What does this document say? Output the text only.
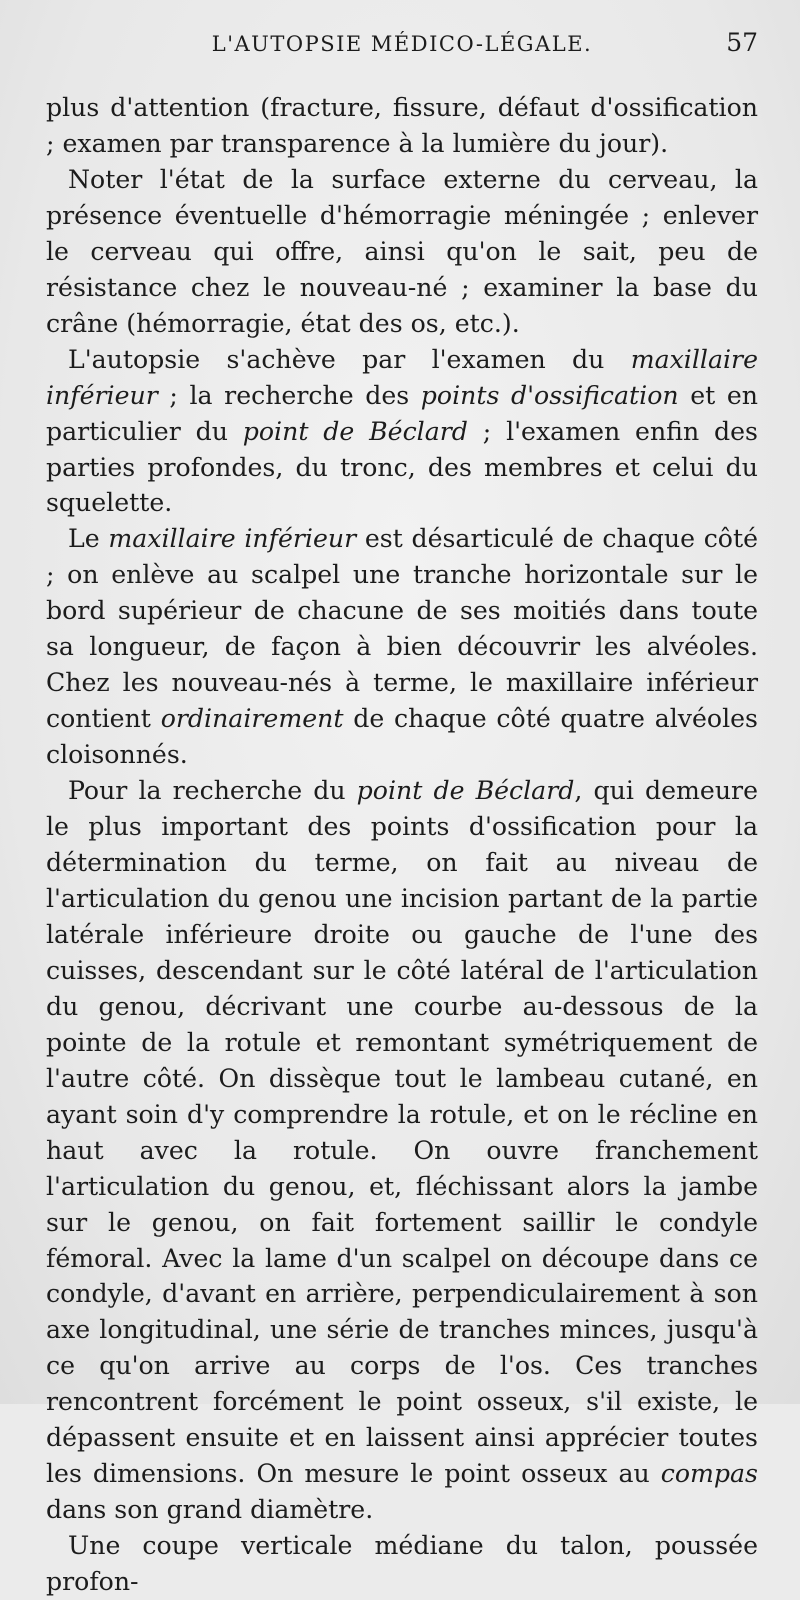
L'AUTOPSIE MÉDICO-LÉGALE.	57

plus d'attention (fracture, fissure, défaut d'ossification ; examen par transparence à la lumière du jour).

Noter l'état de la surface externe du cerveau, la présence éventuelle d'hémorragie méningée ; enlever le cerveau qui offre, ainsi qu'on le sait, peu de résistance chez le nouveau-né ; examiner la base du crâne (hémorragie, état des os, etc.).

L'autopsie s'achève par l'examen du maxillaire inférieur ; la recherche des points d'ossification et en particulier du point de Béclard ; l'examen enfin des parties profondes, du tronc, des membres et celui du squelette.

Le maxillaire inférieur est désarticulé de chaque côté ; on enlève au scalpel une tranche horizontale sur le bord supérieur de chacune de ses moitiés dans toute sa longueur, de façon à bien découvrir les alvéoles. Chez les nouveau-nés à terme, le maxillaire inférieur contient ordinairement de chaque côté quatre alvéoles cloisonnés.

Pour la recherche du point de Béclard, qui demeure le plus important des points d'ossification pour la détermination du terme, on fait au niveau de l'articulation du genou une incision partant de la partie latérale inférieure droite ou gauche de l'une des cuisses, descendant sur le côté latéral de l'articulation du genou, décrivant une courbe au-dessous de la pointe de la rotule et remontant symétriquement de l'autre côté. On dissèque tout le lambeau cutané, en ayant soin d'y comprendre la rotule, et on le récline en haut avec la rotule. On ouvre franchement l'articulation du genou, et, fléchissant alors la jambe sur le genou, on fait fortement saillir le condyle fémoral. Avec la lame d'un scalpel on découpe dans ce condyle, d'avant en arrière, perpendiculairement à son axe longitudinal, une série de tranches minces, jusqu'à ce qu'on arrive au corps de l'os. Ces tranches rencontrent forcément le point osseux, s'il existe, le dépassent ensuite et en laissent ainsi apprécier toutes les dimensions. On mesure le point osseux au compas dans son grand diamètre.

Une coupe verticale médiane du talon, poussée profon-
